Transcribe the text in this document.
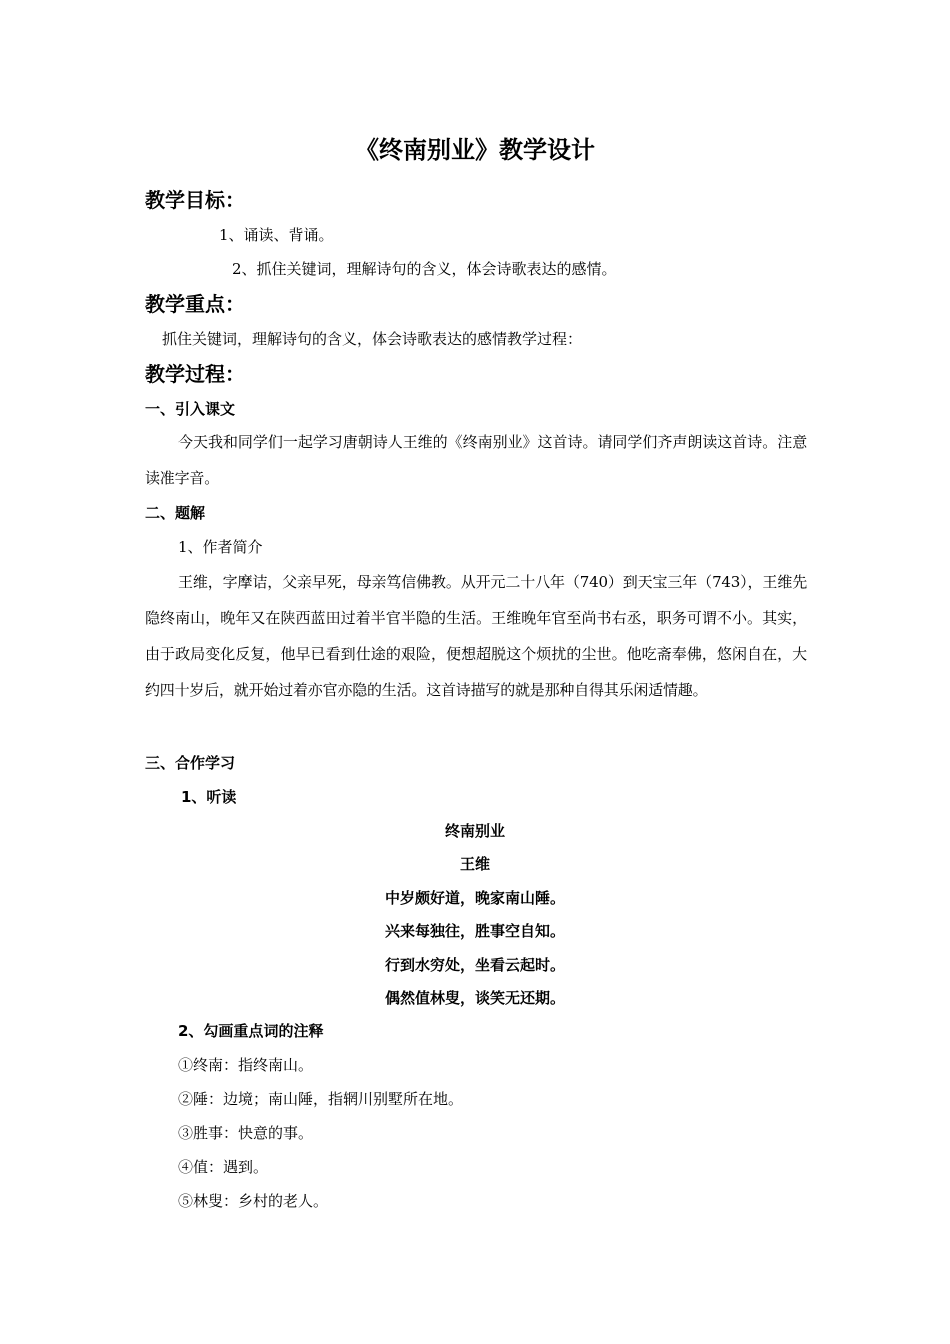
《终南别业》教学设计
教学目标：
1、诵读、背诵。
2、抓住关键词，理解诗句的含义，体会诗歌表达的感情。
教学重点：
抓住关键词，理解诗句的含义，体会诗歌表达的感情教学过程：
教学过程：
一、引入课文
今天我和同学们一起学习唐朝诗人王维的《终南别业》这首诗。请同学们齐声朗读这首诗。注意读准字音。
二、题解
1、作者简介
王维，字摩诘，父亲早死，母亲笃信佛教。从开元二十八年（740）到天宝三年（743），王维先隐终南山，晚年又在陕西蓝田过着半官半隐的生活。王维晚年官至尚书右丞，职务可谓不小。其实，由于政局变化反复，他早已看到仕途的艰险，便想超脱这个烦扰的尘世。他吃斋奉佛，悠闲自在，大约四十岁后，就开始过着亦官亦隐的生活。这首诗描写的就是那种自得其乐闲适情趣。
三、合作学习
1、听读
终南别业
王维
中岁颇好道，晚家南山陲。
兴来每独往，胜事空自知。
行到水穷处，坐看云起时。
偶然值林叟，谈笑无还期。
2、勾画重点词的注释
①终南：指终南山。
②陲：边境；南山陲，指辋川别墅所在地。
③胜事：快意的事。
④值：遇到。
⑤林叟：乡村的老人。
